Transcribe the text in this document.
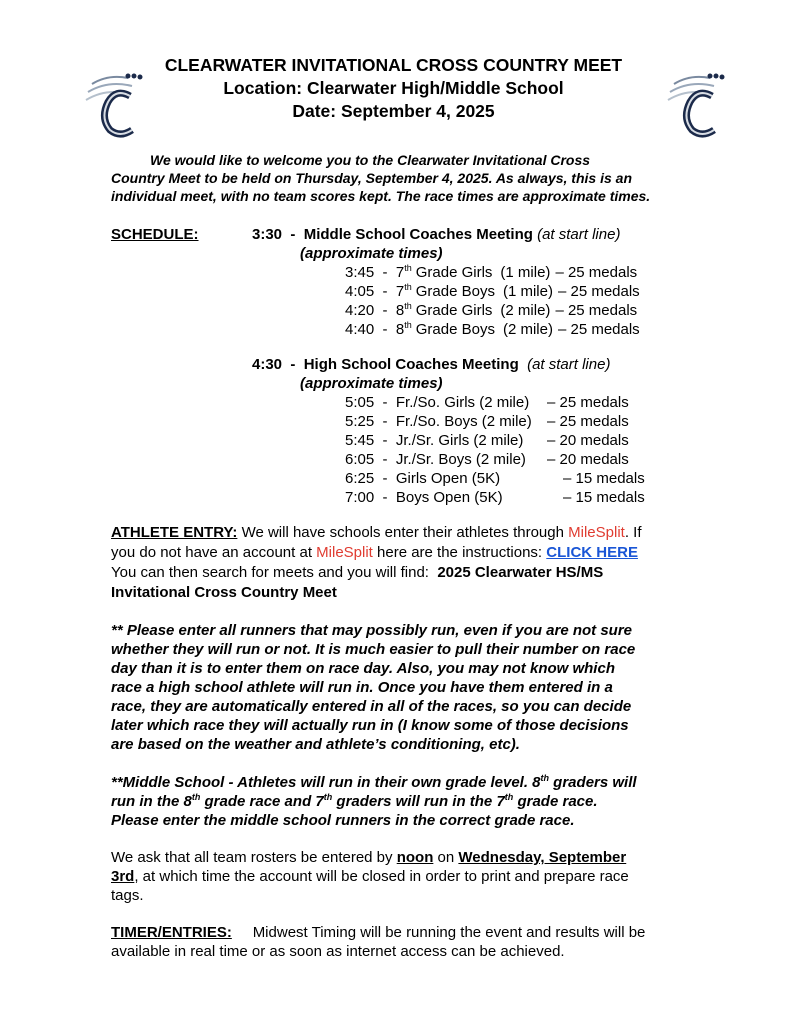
CLEARWATER INVITATIONAL CROSS COUNTRY MEET
Location: Clearwater High/Middle School
Date: September 4, 2025
We would like to welcome you to the Clearwater Invitational Cross
Country Meet to be held on Thursday, September 4, 2025. As always, this is an
individual meet, with no team scores kept. The race times are approximate times.
SCHEDULE:	3:30  -  Middle School Coaches Meeting (at start line)
(approximate times)
3:45  -  7th Grade Girls (1 mile) – 25 medals
4:05  -  7th Grade Boys (1 mile) – 25 medals
4:20  -  8th Grade Girls (2 mile) – 25 medals
4:40  -  8th Grade Boys (2 mile) – 25 medals
4:30  -  High School Coaches Meeting (at start line)
(approximate times)
5:05  -  Fr./So. Girls (2 mile) – 25 medals
5:25  -  Fr./So. Boys (2 mile) – 25 medals
5:45  -  Jr./Sr. Girls (2 mile) – 20 medals
6:05  -  Jr./Sr. Boys (2 mile) – 20 medals
6:25  -  Girls Open (5K)	– 15 medals
7:00  -  Boys Open (5K)	– 15 medals
ATHLETE ENTRY: We will have schools enter their athletes through MileSplit. If
you do not have an account at MileSplit here are the instructions: CLICK HERE
You can then search for meets and you will find: 2025 Clearwater HS/MS
Invitational Cross Country Meet
** Please enter all runners that may possibly run, even if you are not sure
whether they will run or not. It is much easier to pull their number on race
day than it is to enter them on race day. Also, you may not know which
race a high school athlete will run in. Once you have them entered in a
race, they are automatically entered in all of the races, so you can decide
later which race they will actually run in (I know some of those decisions
are based on the weather and athlete’s conditioning, etc).
**Middle School - Athletes will run in their own grade level. 8th graders will
run in the 8th grade race and 7th graders will run in the 7th grade race.
Please enter the middle school runners in the correct grade race.
We ask that all team rosters be entered by noon on Wednesday, September
3rd, at which time the account will be closed in order to print and prepare race
tags.
TIMER/ENTRIES: Midwest Timing will be running the event and results will be
available in real time or as soon as internet access can be achieved.
